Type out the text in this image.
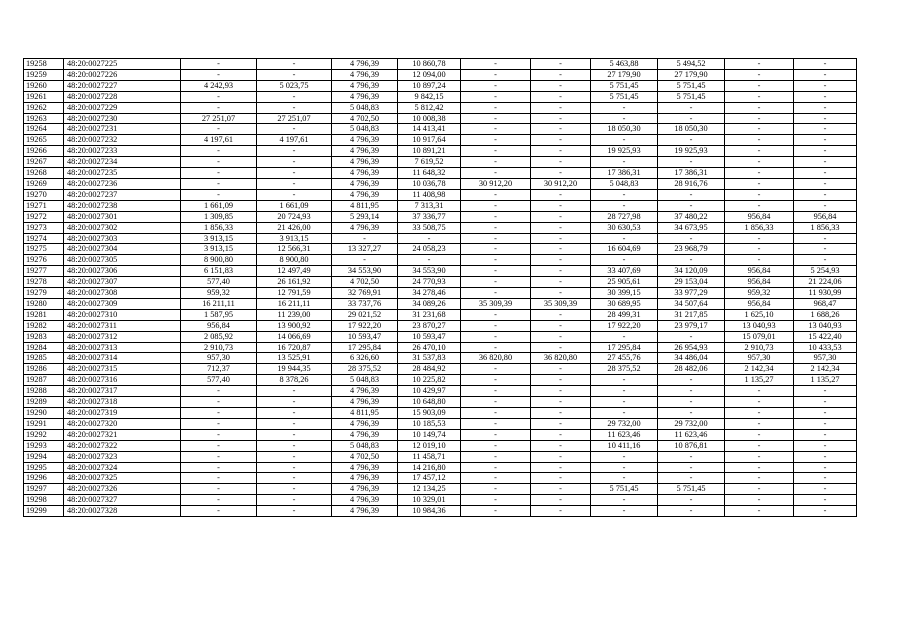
19258	48:20:0027225	-	-	4 796,39	10 860,78	-	-	5 463,88	5 494,52	-	-
19259	48:20:0027226	-	-	4 796,39	12 094,00	-	-	27 179,90	27 179,90	-	-
19260	48:20:0027227	4 242,93	5 023,75	4 796,39	10 897,24	-	-	5 751,45	5 751,45	-	-
19261	48:20:0027228	-	-	4 796,39	9 842,15	-	-	5 751,45	5 751,45	-	-
19262	48:20:0027229	-	-	5 048,83	5 812,42	-	-	-	-	-	-
19263	48:20:0027230	27 251,07	27 251,07	4 702,50	10 008,38	-	-	-	-	-	-
19264	48:20:0027231	-	-	5 048,83	14 413,41	-	-	18 050,30	18 050,30	-	-
19265	48:20:0027232	4 197,61	4 197,61	4 796,39	10 917,64	-	-	-	-	-	-
19266	48:20:0027233	-	-	4 796,39	10 891,21	-	-	19 925,93	19 925,93	-	-
19267	48:20:0027234	-	-	4 796,39	7 619,52	-	-	-	-	-	-
19268	48:20:0027235	-	-	4 796,39	11 648,32	-	-	17 386,31	17 386,31	-	-
19269	48:20:0027236	-	-	4 796,39	10 036,78	30 912,20	30 912,20	5 048,83	28 916,76	-	-
19270	48:20:0027237	-	-	4 796,39	11 408,98	-	-	-	-	-	-
19271	48:20:0027238	1 661,09	1 661,09	4 811,95	7 313,31	-	-	-	-	-	-
19272	48:20:0027301	1 309,85	20 724,93	5 293,14	37 336,77	-	-	28 727,98	37 480,22	956,84	956,84
19273	48:20:0027302	1 856,33	21 426,00	4 796,39	33 508,75	-	-	30 630,53	34 673,95	1 856,33	1 856,33
19274	48:20:0027303	3 913,15	3 913,15	-	-	-	-	-	-	-	-
19275	48:20:0027304	3 913,15	12 566,31	13 327,27	24 058,23	-	-	16 604,69	23 968,79	-	-
19276	48:20:0027305	8 900,80	8 900,80	-	-	-	-	-	-	-	-
19277	48:20:0027306	6 151,83	12 497,49	34 553,90	34 553,90	-	-	33 407,69	34 120,09	956,84	5 254,93
19278	48:20:0027307	577,40	26 161,92	4 702,50	24 770,93	-	-	25 905,61	29 153,04	956,84	21 224,06
19279	48:20:0027308	959,32	12 791,59	32 769,91	34 278,46	-	-	30 399,15	33 977,29	959,32	11 930,99
19280	48:20:0027309	16 211,11	16 211,11	33 737,76	34 089,26	35 309,39	35 309,39	30 689,95	34 507,64	956,84	968,47
19281	48:20:0027310	1 587,95	11 239,00	29 021,52	31 231,68	-	-	28 499,31	31 217,85	1 625,10	1 688,26
19282	48:20:0027311	956,84	13 900,92	17 922,20	23 870,27	-	-	17 922,20	23 979,17	13 040,93	13 040,93
19283	48:20:0027312	2 085,92	14 066,69	10 593,47	10 593,47	-	-	-	-	15 079,01	15 422,40
19284	48:20:0027313	2 910,73	16 720,87	17 295,84	26 470,10	-	-	17 295,84	26 954,93	2 910,73	10 433,53
19285	48:20:0027314	957,30	13 525,91	6 326,60	31 537,83	36 820,80	36 820,80	27 455,76	34 486,04	957,30	957,30
19286	48:20:0027315	712,37	19 944,35	28 375,52	28 484,92	-	-	28 375,52	28 482,06	2 142,34	2 142,34
19287	48:20:0027316	577,40	8 378,26	5 048,83	10 225,82	-	-	-	-	1 135,27	1 135,27
19288	48:20:0027317	-	-	4 796,39	10 429,97	-	-	-	-	-	-
19289	48:20:0027318	-	-	4 796,39	10 648,80	-	-	-	-	-	-
19290	48:20:0027319	-	-	4 811,95	15 903,09	-	-	-	-	-	-
19291	48:20:0027320	-	-	4 796,39	10 185,53	-	-	29 732,00	29 732,00	-	-
19292	48:20:0027321	-	-	4 796,39	10 149,74	-	-	11 623,46	11 623,46	-	-
19293	48:20:0027322	-	-	5 048,83	12 019,10	-	-	10 411,16	10 876,81	-	-
19294	48:20:0027323	-	-	4 702,50	11 458,71	-	-	-	-	-	-
19295	48:20:0027324	-	-	4 796,39	14 216,80	-	-	-	-	-	-
19296	48:20:0027325	-	-	4 796,39	17 457,12	-	-	-	-	-	-
19297	48:20:0027326	-	-	4 796,39	12 134,25	-	-	5 751,45	5 751,45	-	-
19298	48:20:0027327	-	-	4 796,39	10 329,01	-	-	-	-	-	-
19299	48:20:0027328	-	-	4 796,39	10 984,36	-	-	-	-	-	-
